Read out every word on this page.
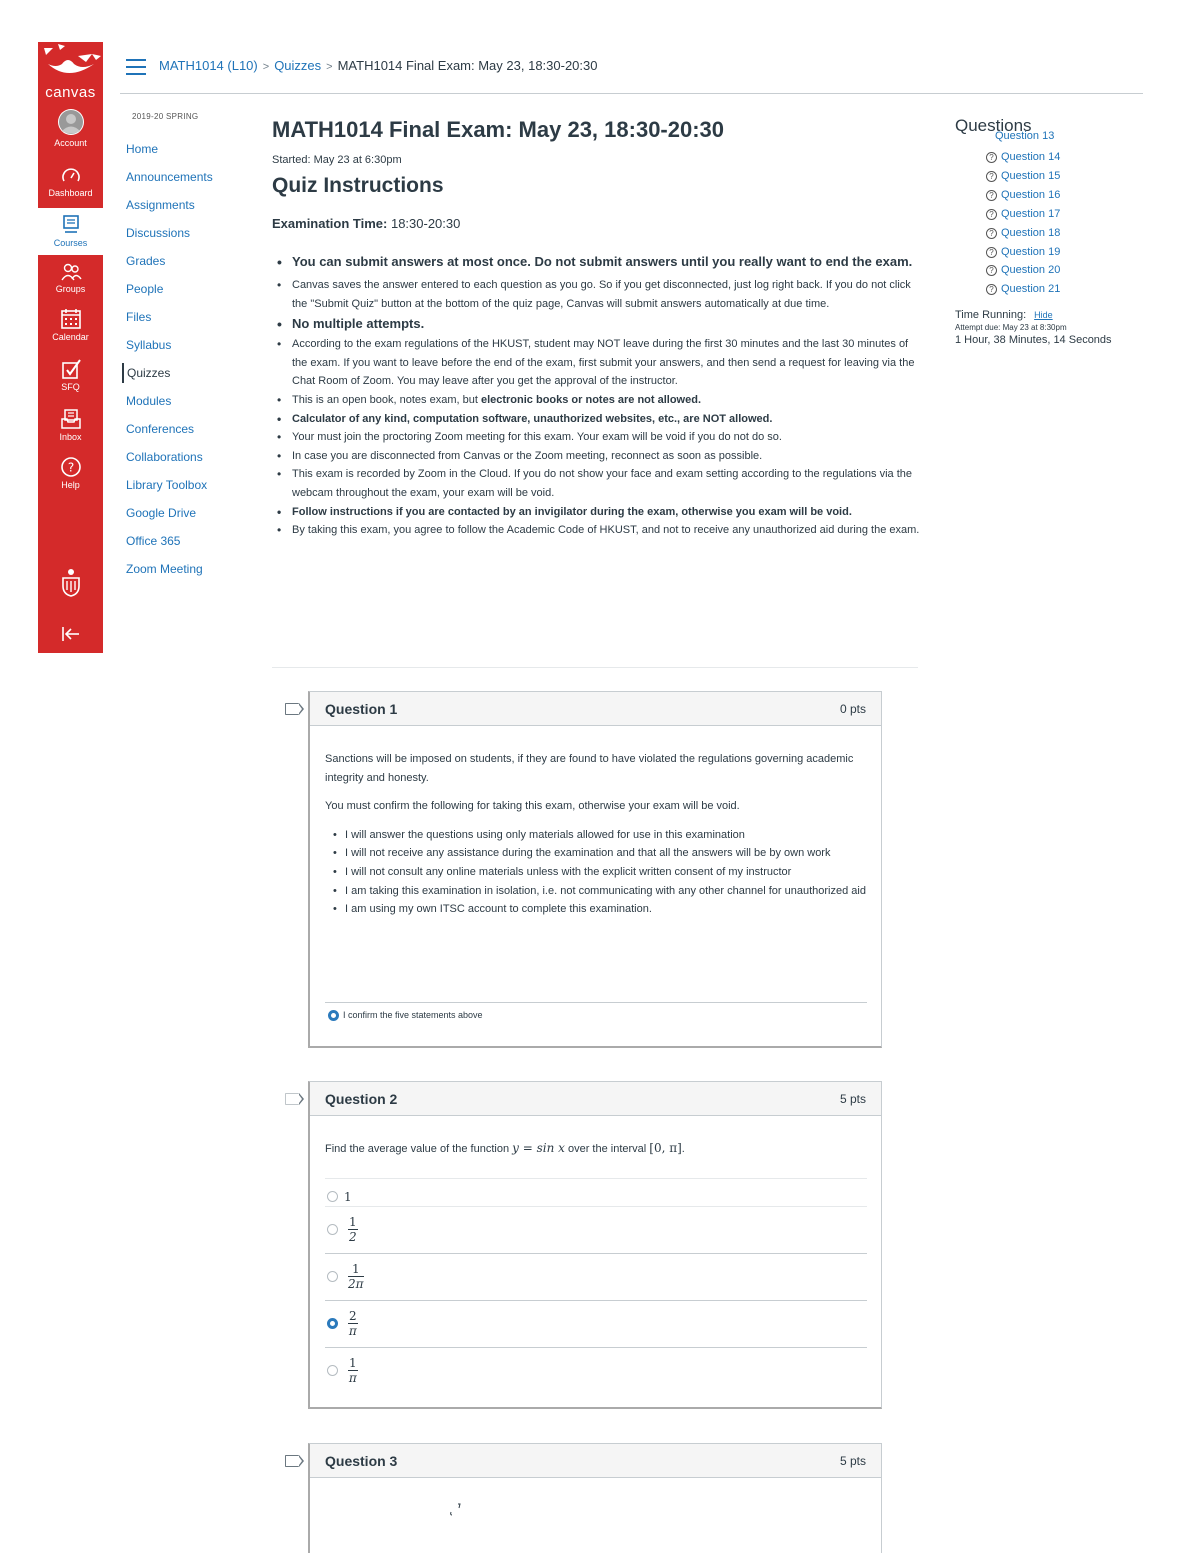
canvas
Account
Dashboard
Courses
Groups
Calendar
SFQ
Inbox
?
Help
MATH1014 (L10) > Quizzes > MATH1014 Final Exam: May 23, 18:30-20:30
2019-20 SPRING
Home
Announcements
Assignments
Discussions
Grades
People
Files
Syllabus
Quizzes
Modules
Conferences
Collaborations
Library Toolbox
Google Drive
Office 365
Zoom Meeting
MATH1014 Final Exam: May 23, 18:30-20:30
Started: May 23 at 6:30pm
Quiz Instructions
Examination Time: 18:30-20:30
• You can submit answers at most once. Do not submit answers until you really want to end the exam.
• Canvas saves the answer entered to each question as you go. So if you get disconnected, just log right back. If you do not click the "Submit Quiz" button at the bottom of the quiz page, Canvas will submit answers automatically at due time.
• No multiple attempts.
• According to the exam regulations of the HKUST, student may NOT leave during the first 30 minutes and the last 30 minutes of the exam. If you want to leave before the end of the exam, first submit your answers, and then send a request for leaving via the Chat Room of Zoom. You may leave after you get the approval of the instructor.
• This is an open book, notes exam, but electronic books or notes are not allowed.
• Calculator of any kind, computation software, unauthorized websites, etc., are NOT allowed.
• Your must join the proctoring Zoom meeting for this exam. Your exam will be void if you do not do so.
• In case you are disconnected from Canvas or the Zoom meeting, reconnect as soon as possible.
• This exam is recorded by Zoom in the Cloud. If you do not show your face and exam setting according to the regulations via the webcam throughout the exam, your exam will be void.
• Follow instructions if you are contacted by an invigilator during the exam, otherwise you exam will be void.
• By taking this exam, you agree to follow the Academic Code of HKUST, and not to receive any unauthorized aid during the exam.
Question 1	0 pts

Sanctions will be imposed on students, if they are found to have violated the regulations governing academic integrity and honesty.

You must confirm the following for taking this exam, otherwise your exam will be void.

• I will answer the questions using only materials allowed for use in this examination
• I will not receive any assistance during the examination and that all the answers will be by own work
• I will not consult any online materials unless with the explicit written consent of my instructor
• I am taking this examination in isolation, i.e. not communicating with any other channel for unauthorized aid
• I am using my own ITSC account to complete this examination.
I confirm the five statements above
Question 2	5 pts
Find the average value of the function y = sin x over the interval [0, π].
1
$\frac{1}{2}$
$\frac{1}{2\pi}$
$\frac{2}{\pi}$
$\frac{1}{\pi}$
Question 3	5 pts
Questions
Question 13
? Question 14
? Question 15
? Question 16
? Question 17
? Question 18
? Question 19
? Question 20
? Question 21
Time Running: Hide
Attempt due: May 23 at 8:30pm
1 Hour, 38 Minutes, 14 Seconds
